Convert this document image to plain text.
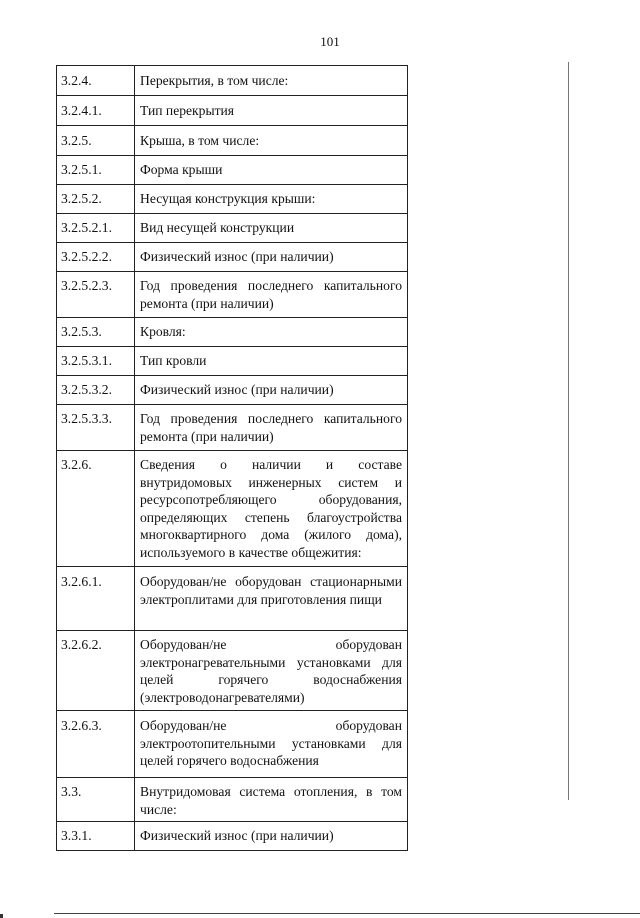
101
3.2.4.	Перекрытия, в том числе:
3.2.4.1.	Тип перекрытия
3.2.5.	Крыша, в том числе:
3.2.5.1.	Форма крыши
3.2.5.2.	Несущая конструкция крыши:
3.2.5.2.1.	Вид несущей конструкции
3.2.5.2.2.	Физический износ (при наличии)
3.2.5.2.3.	Год проведения последнего капитального ремонта (при наличии)
3.2.5.3.	Кровля:
3.2.5.3.1.	Тип кровли
3.2.5.3.2.	Физический износ (при наличии)
3.2.5.3.3.	Год проведения последнего капитального ремонта (при наличии)
3.2.6.	Сведения о наличии и составе внутридомовых инженерных систем и ресурсопотребляющего оборудования, определяющих степень благоустройства многоквартирного дома (жилого дома), используемого в качестве общежития:
3.2.6.1.	Оборудован/не оборудован стационарными электроплитами для приготовления пищи
3.2.6.2.	Оборудован/не оборудован электронагревательными установками для целей горячего водоснабжения (электроводонагревателями)
3.2.6.3.	Оборудован/не оборудован электроотопительными установками для целей горячего водоснабжения
3.3.	Внутридомовая система отопления, в том числе:
3.3.1.	Физический износ (при наличии)
